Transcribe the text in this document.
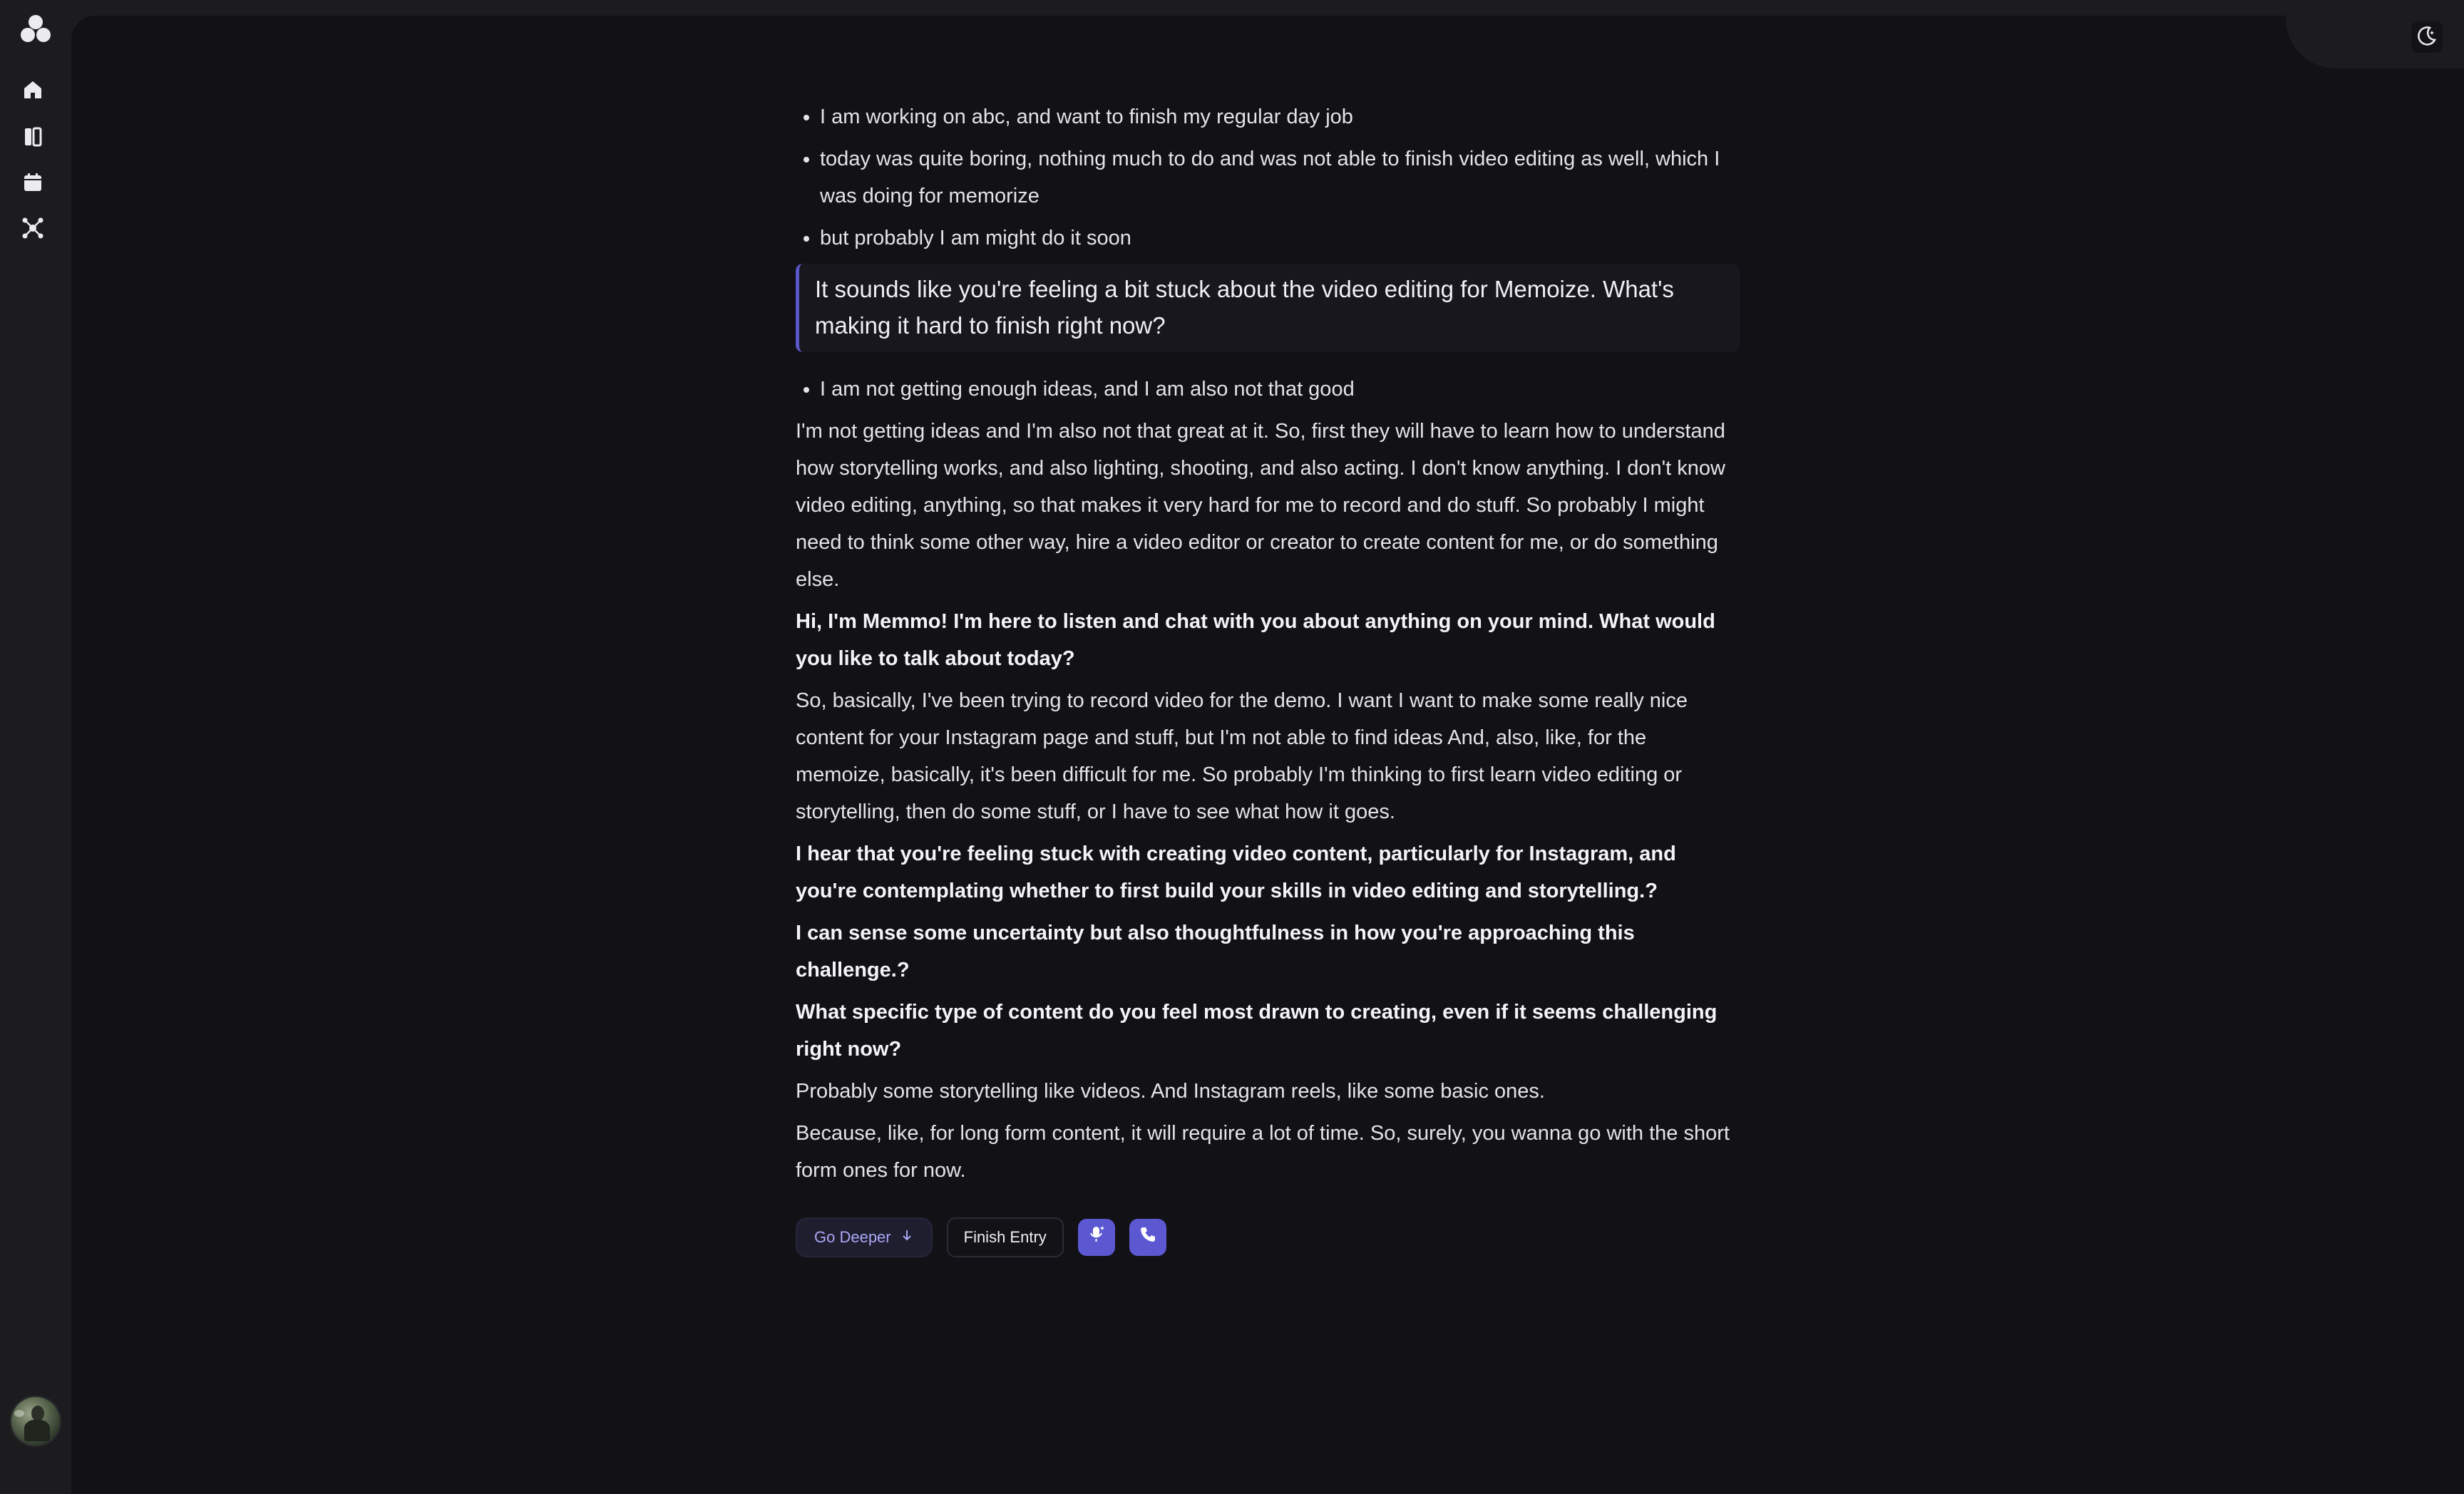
• I am working on abc, and want to finish my regular day job
• today was quite boring, nothing much to do and was not able to finish video editing as well, which I was doing for memorize
• but probably I am might do it soon
It sounds like you're feeling a bit stuck about the video editing for Memoize. What's making it hard to finish right now?
• I am not getting enough ideas, and I am also not that good

I'm not getting ideas and I'm also not that great at it. So, first they will have to learn how to understand how storytelling works, and also lighting, shooting, and also acting. I don't know anything. I don't know video editing, anything, so that makes it very hard for me to record and do stuff. So probably I might need to think some other way, hire a video editor or creator to create content for me, or do something else.

Hi, I'm Memmo! I'm here to listen and chat with you about anything on your mind. What would you like to talk about today?

So, basically, I've been trying to record video for the demo. I want I want to make some really nice content for your Instagram page and stuff, but I'm not able to find ideas And, also, like, for the memoize, basically, it's been difficult for me. So probably I'm thinking to first learn video editing or storytelling, then do some stuff, or I have to see what how it goes.

I hear that you're feeling stuck with creating video content, particularly for Instagram, and you're contemplating whether to first build your skills in video editing and storytelling.?

I can sense some uncertainty but also thoughtfulness in how you're approaching this challenge.?

What specific type of content do you feel most drawn to creating, even if it seems challenging right now?

Probably some storytelling like videos. And Instagram reels, like some basic ones.

Because, like, for long form content, it will require a lot of time. So, surely, you wanna go with the short form ones for now.

Go Deeper	Finish Entry
